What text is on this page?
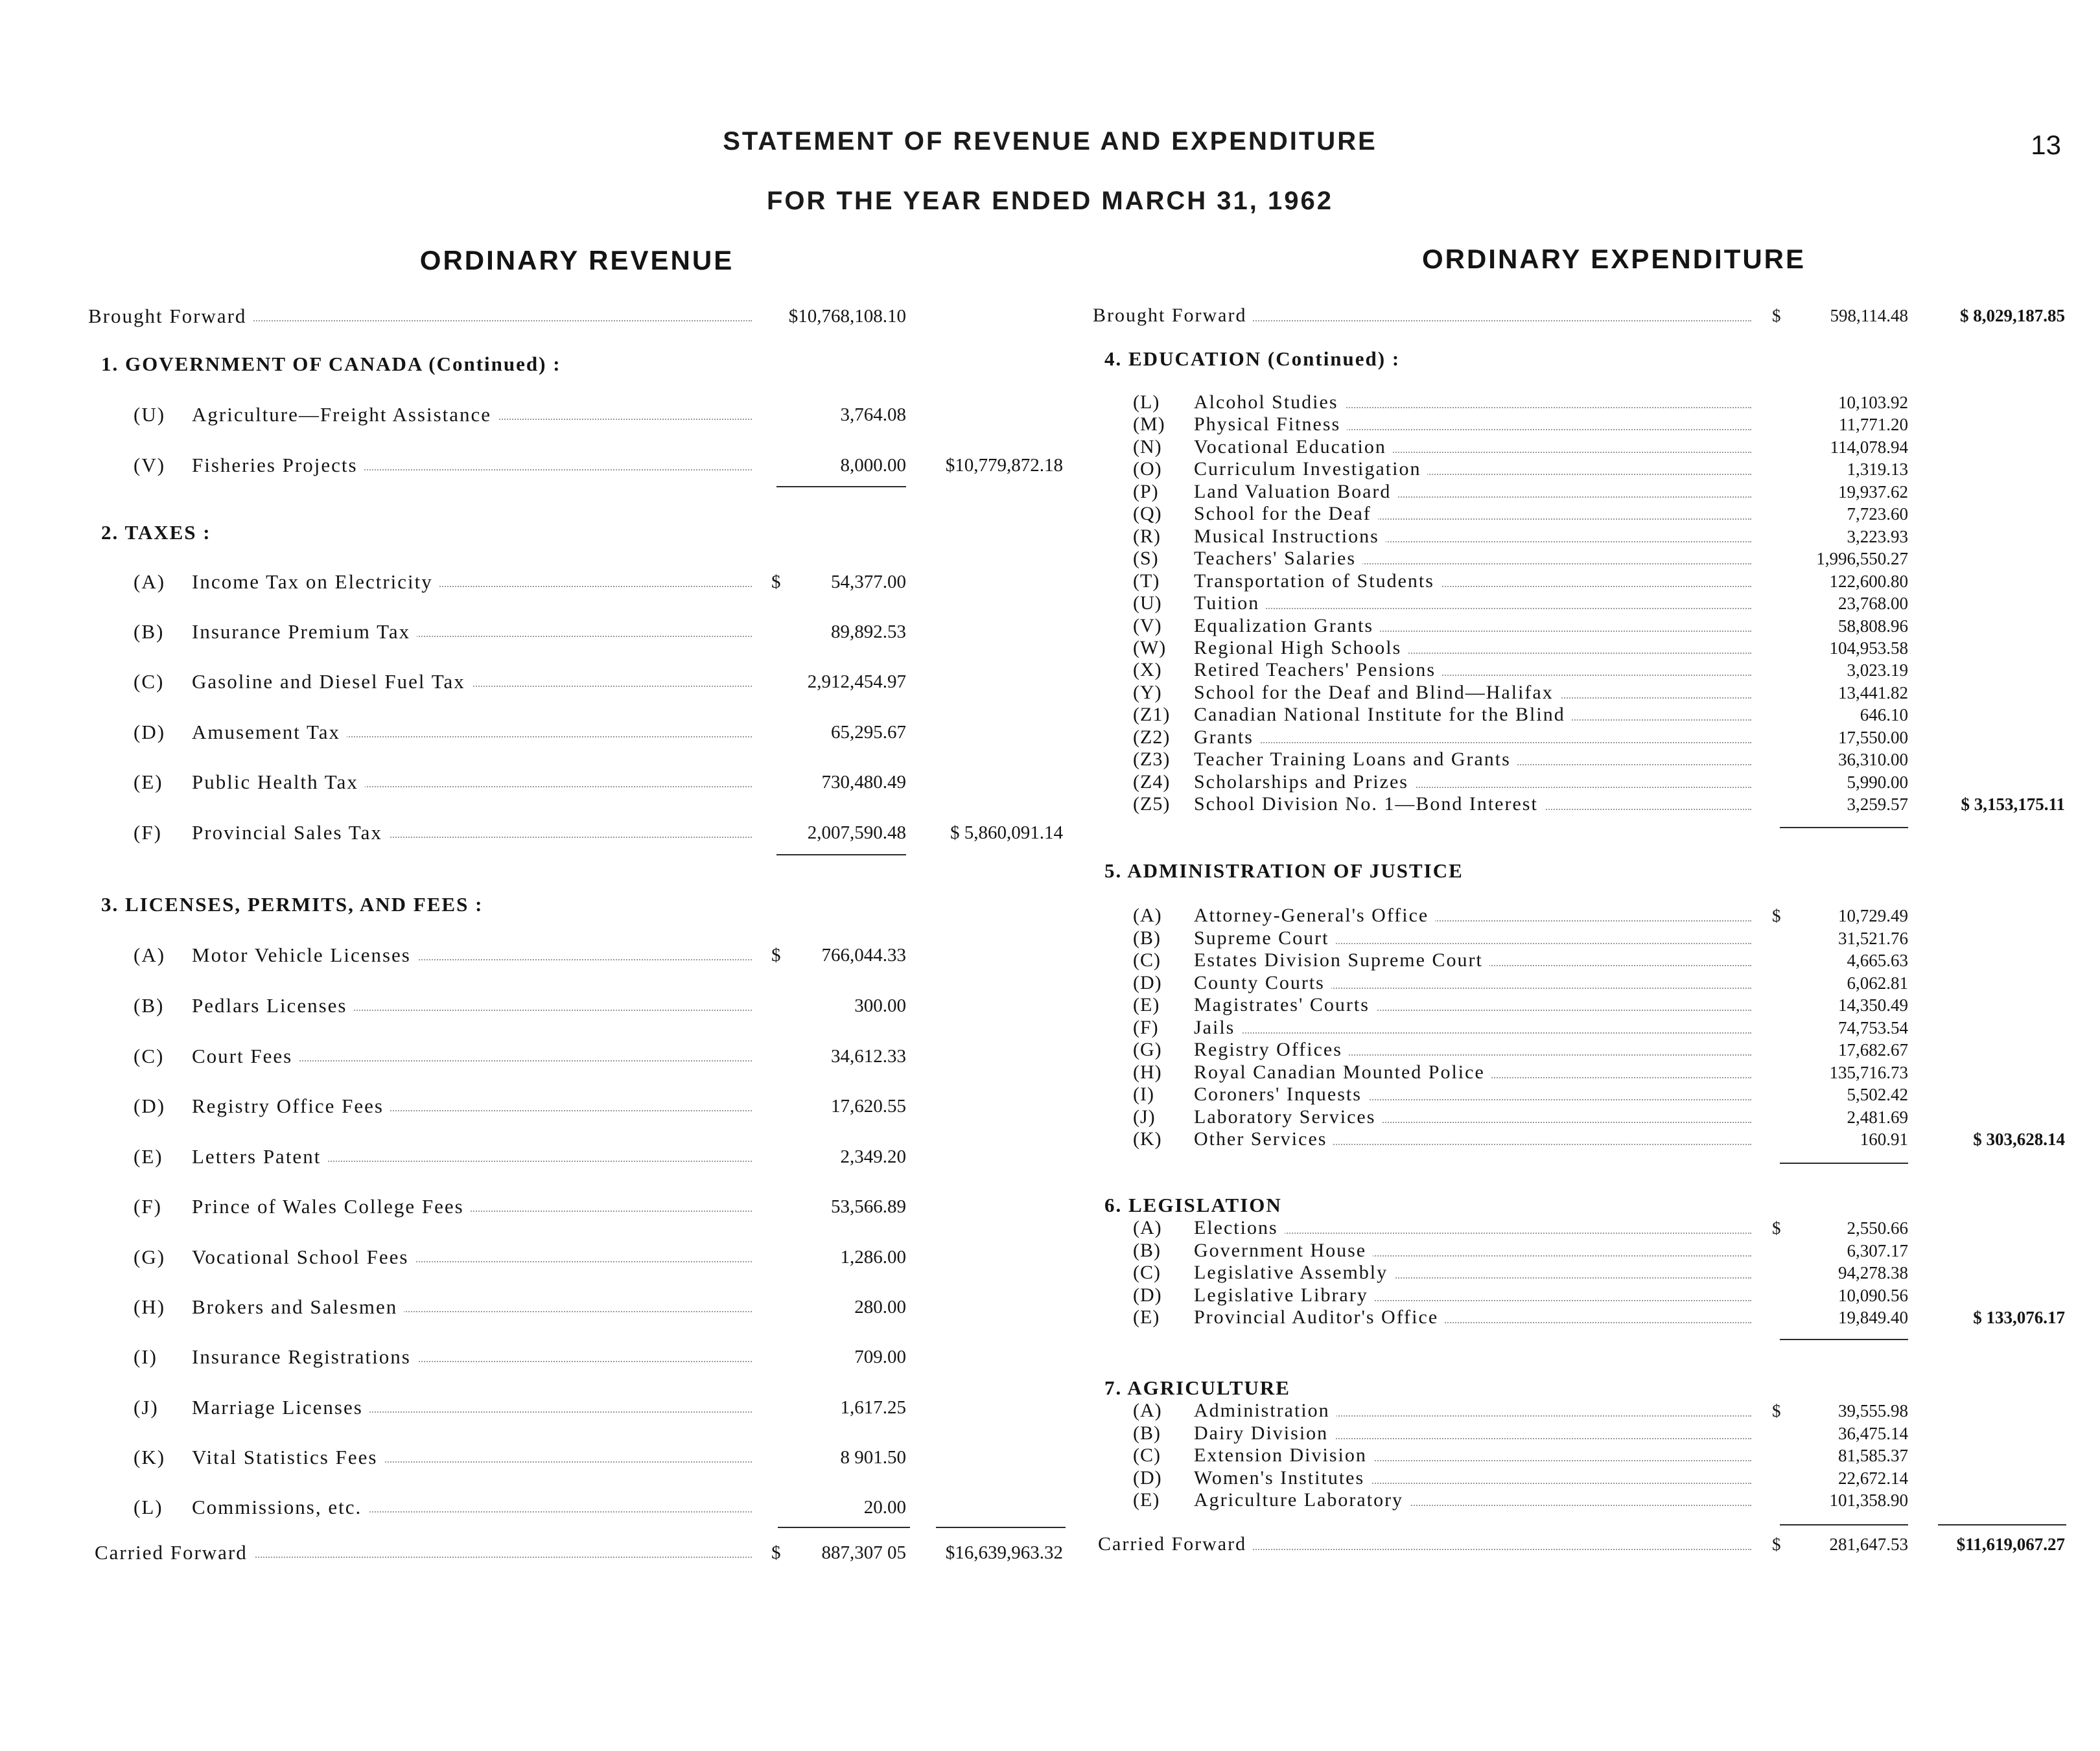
13
STATEMENT OF REVENUE AND EXPENDITURE
FOR THE YEAR ENDED MARCH 31, 1962
ORDINARY REVENUE	ORDINARY EXPENDITURE
Brought Forward	$10,768,108.10
1. GOVERNMENT OF CANADA (Continued) :
(U) Agriculture—Freight Assistance	3,764.08
(V) Fisheries Projects	8,000.00	$10,779,872.18
2. TAXES :
(A) Income Tax on Electricity	$	54,377.00
(B) Insurance Premium Tax	89,892.53
(C) Gasoline and Diesel Fuel Tax	2,912,454.97
(D) Amusement Tax	65,295.67
(E) Public Health Tax	730,480.49
(F) Provincial Sales Tax	2,007,590.48	$ 5,860,091.14
3. LICENSES, PERMITS, AND FEES :
(A) Motor Vehicle Licenses	$	766,044.33
(B) Pedlars Licenses	300.00
(C) Court Fees	34,612.33
(D) Registry Office Fees	17,620.55
(E) Letters Patent	2,349.20
(F) Prince of Wales College Fees	53,566.89
(G) Vocational School Fees	1,286.00
(H) Brokers and Salesmen	280.00
(I) Insurance Registrations	709.00
(J) Marriage Licenses	1,617.25
(K) Vital Statistics Fees	8 901.50
(L) Commissions, etc.	20.00
Carried Forward	$	887,307 05	$16,639,963.32
Brought Forward	$	598,114.48	$ 8,029,187.85
4. EDUCATION (Continued) :
(L) Alcohol Studies	10,103.92
(M) Physical Fitness	11,771.20
(N) Vocational Education	114,078.94
(O) Curriculum Investigation	1,319.13
(P) Land Valuation Board	19,937.62
(Q) School for the Deaf	7,723.60
(R) Musical Instructions	3,223.93
(S) Teachers' Salaries	1,996,550.27
(T) Transportation of Students	122,600.80
(U) Tuition	23,768.00
(V) Equalization Grants	58,808.96
(W) Regional High Schools	104,953.58
(X) Retired Teachers' Pensions	3,023.19
(Y) School for the Deaf and Blind—Halifax	13,441.82
(Z1) Canadian National Institute for the Blind	646.10
(Z2) Grants	17,550.00
(Z3) Teacher Training Loans and Grants	36,310.00
(Z4) Scholarships and Prizes	5,990.00
(Z5) School Division No. 1—Bond Interest	3,259.57	$ 3,153,175.11
5. ADMINISTRATION OF JUSTICE
(A) Attorney-General's Office	$	10,729.49
(B) Supreme Court	31,521.76
(C) Estates Division Supreme Court	4,665.63
(D) County Courts	6,062.81
(E) Magistrates' Courts	14,350.49
(F) Jails	74,753.54
(G) Registry Offices	17,682.67
(H) Royal Canadian Mounted Police	135,716.73
(I) Coroners' Inquests	5,502.42
(J) Laboratory Services	2,481.69
(K) Other Services	160.91	$ 303,628.14
6. LEGISLATION
(A) Elections	$	2,550.66
(B) Government House	6,307.17
(C) Legislative Assembly	94,278.38
(D) Legislative Library	10,090.56
(E) Provincial Auditor's Office	19,849.40	$ 133,076.17
7. AGRICULTURE
(A) Administration	$	39,555.98
(B) Dairy Division	36,475.14
(C) Extension Division	81,585.37
(D) Women's Institutes	22,672.14
(E) Agriculture Laboratory	101,358.90
Carried Forward	$	281,647.53	$11,619,067.27
